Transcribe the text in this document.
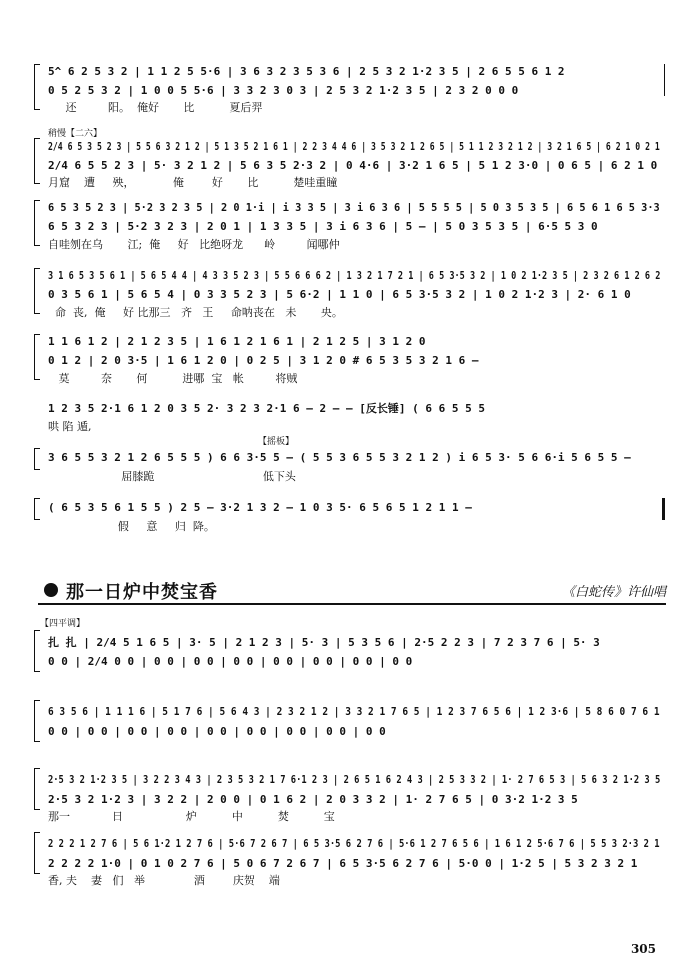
5^ 6 2 5 3 2 | 1 1 2 5 5·6 | 3 6 3 2 3 5 3 6 | 2 5 3 2 1·2 3 5 | 2 6 5 5 6 1 2
0 5 2 5 3 2 | 1 0 0 5 5·6 | 3 3 2 3 0 3 | 2 5 3 2 1·2 3 5 | 2 3 2 0 0 0
还         阳。  俺好       比          夏后羿
稍慢【二六】
2/4 6 5 3 5 2 3 | 5 5 6 3 2 1 2 | 5 1 3 5 2 1 6 1 | 2 2 3 4 4 6 | 3 5 3 2 1 2 6 5 | 5 1 1 2 3 2 1 2 | 3 2 1 6 5 | 6 2 1 0 2 1
2/4 6 5 5 2 3 | 5· 3 2 1 2 | 5 6 3 5 2·3 2 | 0 4·6 | 3·2 1 6 5 | 5 1 2 3·0 | 0 6 5 | 6 2 1 0
月窟    遭     殃，           俺        好       比          楚哇重瞳
6 5 3 5 2 3 | 5·2 3 2 3 5 | 2 0 1·i | i 3 3 5 | 3 i 6 3 6 | 5 5 5 5 | 5 0 3 5 3 5 | 6 5 6 1 6 5 3·3
6 5 3 2 3 | 5·2 3 2 3 | 2 0 1 | 1 3 3 5 | 3 i 6 3 6 | 5 — | 5 0 3 5 3 5 | 6·5 5 3 0
自哇刎在乌       江;  俺     好   比绝呀龙      岭         闻哪仲
3 1 6 5 3 5 6 1 | 5 6 5 4 4 | 4 3 3 5 2 3 | 5 5 6 6 6 2 | 1 3 2 1 7 2 1 | 6 5 3·5 3 2 | 1 0 2 1·2 3 5 | 2 3 2 6 1 2 6 2
0 3 5 6 1 | 5 6 5 4 | 0 3 3 5 2 3 | 5 6·2 | 1 1 0 | 6 5 3·5 3 2 | 1 0 2 1·2 3 | 2· 6 1 0
命  丧,  俺     好 比那三   齐   王     命呐丧在   未       央。
1 1 6 1 2 | 2 1 2 3 5 | 1 6 1 2 1 6 1 | 2 1 2 5 | 3 1 2 0
0 1 2 | 2 0 3·5 | 1 6 1 2 0 | 0 2 5 | 3 1 2 0 # 6 5 3 5 3 2 1 6 —
莫         奈       何          进哪  宝   帐         将贼
1 2 3 5 2·1 6 1 2 0 3 5 2· 3 2 3 2·1 6 — 2 — — [反长锤] ( 6 6 5 5 5
哄 陷 遁,
【摇板】
3 6 5 5 3 2 1 2 6 5 5 5 ) 6 6 3·5 5 — ( 5 5 3 6 5 5 3 2 1 2 ) i 6 5 3· 5 6 6·i 5 6 5 5 —
屈膝跪                               低下头
( 6 5 3 5 6 1 5 5 ) 2 5 — 3·2 1 3 2 — 1 0 3 5· 6 5 6 5 1 2 1 1 —
假     意     归  降。
那一日炉中焚宝香	《白蛇传》许仙唱
【四平调】
扎 扎 | 2/4 5 1 6 5 | 3· 5 | 2 1 2 3 | 5· 3 | 5 3 5 6 | 2·5 2 2 3 | 7 2 3 7 6 | 5· 3
0 0 | 2/4 0 0 | 0 0 | 0 0 | 0 0 | 0 0 | 0 0 | 0 0 | 0 0
6 3 5 6 | 1 1 1 6 | 5 1 7 6 | 5 6 4 3 | 2 3 2 1 2 | 3 3 2 1 7 6 5 | 1 2 3 7 6 5 6 | 1 2 3·6 | 5 8 6 0 7 6 1
0 0 | 0 0 | 0 0 | 0 0 | 0 0 | 0 0 | 0 0 | 0 0 | 0 0
2·5 3 2 1·2 3 5 | 3 2 2 3 4 3 | 2 3 5 3 2 1 7 6·1 2 3 | 2 6 5 1 6 2 4 3 | 2 5 3 3 2 | 1· 2 7 6 5 3 | 5 6 3 2 1·2 3 5
2·5 3 2 1·2 3 | 3 2 2 | 2 0 0 | 0 1 6 2 | 2 0 3 3 2 | 1· 2 7 6 5 | 0 3·2 1·2 3 5
那一            日                  炉          中          焚          宝
2 2 2 1 2 7 6 | 5 6 1·2 1 2 7 6 | 5·6 7 2 6 7 | 6 5 3·5 6 2 7 6 | 5·6 1 2 7 6 5 6 | 1 6 1 2 5·6 7 6 | 5 5 3 2·3 2 1
2 2 2 2 1·0 | 0 1 0 2 7 6 | 5 0 6 7 2 6 7 | 6 5 3·5 6 2 7 6 | 5·0 0 | 1·2 5 | 5 3 2 3 2 1
香, 夫    妻   们   举              酒        庆贺    端
305
